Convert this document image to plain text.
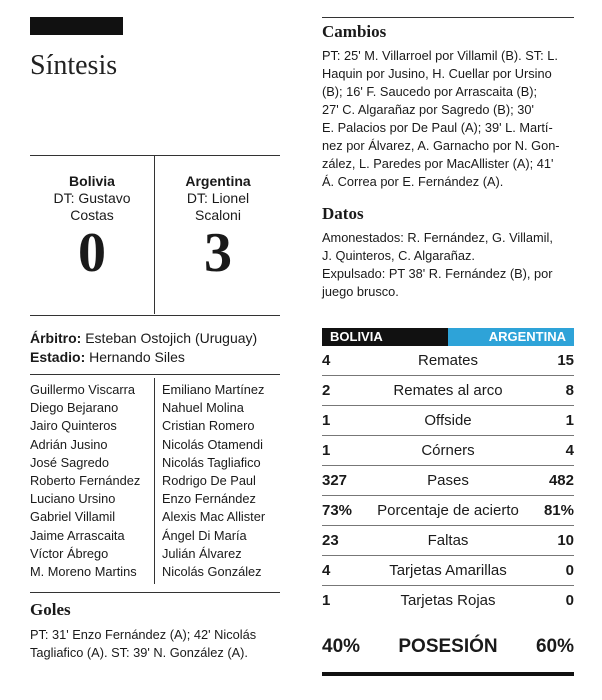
Síntesis
Bolivia
DT: Gustavo
Costas
0
Argentina
DT: Lionel
Scaloni
3
Árbitro: Esteban Ostojich (Uruguay)
Estadio: Hernando Siles
Guillermo Viscarra
Diego Bejarano
Jairo Quinteros
Adrián Jusino
José Sagredo
Roberto Fernández
Luciano Ursino
Gabriel Villamil
Jaime Arrascaita
Víctor Ábrego
M. Moreno Martins
Emiliano Martínez
Nahuel Molina
Cristian Romero
Nicolás Otamendi
Nicolás Tagliafico
Rodrigo De Paul
Enzo Fernández
Alexis Mac Allister
Ángel Di María
Julián Álvarez
Nicolás González
Goles
PT: 31' Enzo Fernández (A); 42' Nicolás
Tagliafico (A). ST: 39' N. González (A).
Cambios
PT: 25' M. Villarroel por Villamil (B). ST: L.
Haquin por Jusino, H. Cuellar por Ursino
(B); 16' F. Saucedo por Arrascaita (B);
27' C. Algarañaz por Sagredo (B); 30'
E. Palacios por De Paul (A); 39' L. Martí-
nez por Álvarez, A. Garnacho por N. Gon-
zález, L. Paredes por MacAllister (A); 41'
Á. Correa por E. Fernández (A).
Datos
Amonestados: R. Fernández, G. Villamil,
J. Quinteros, C. Algarañaz.
Expulsado: PT 38' R. Fernández (B), por
juego brusco.
BOLIVIA	ARGENTINA
4	Remates	15
2	Remates al arco	8
1	Offside	1
1	Córners	4
327	Pases	482
73%	Porcentaje de acierto	81%
23	Faltas	10
4	Tarjetas Amarillas	0
1	Tarjetas Rojas	0
40%	POSESIÓN	60%
